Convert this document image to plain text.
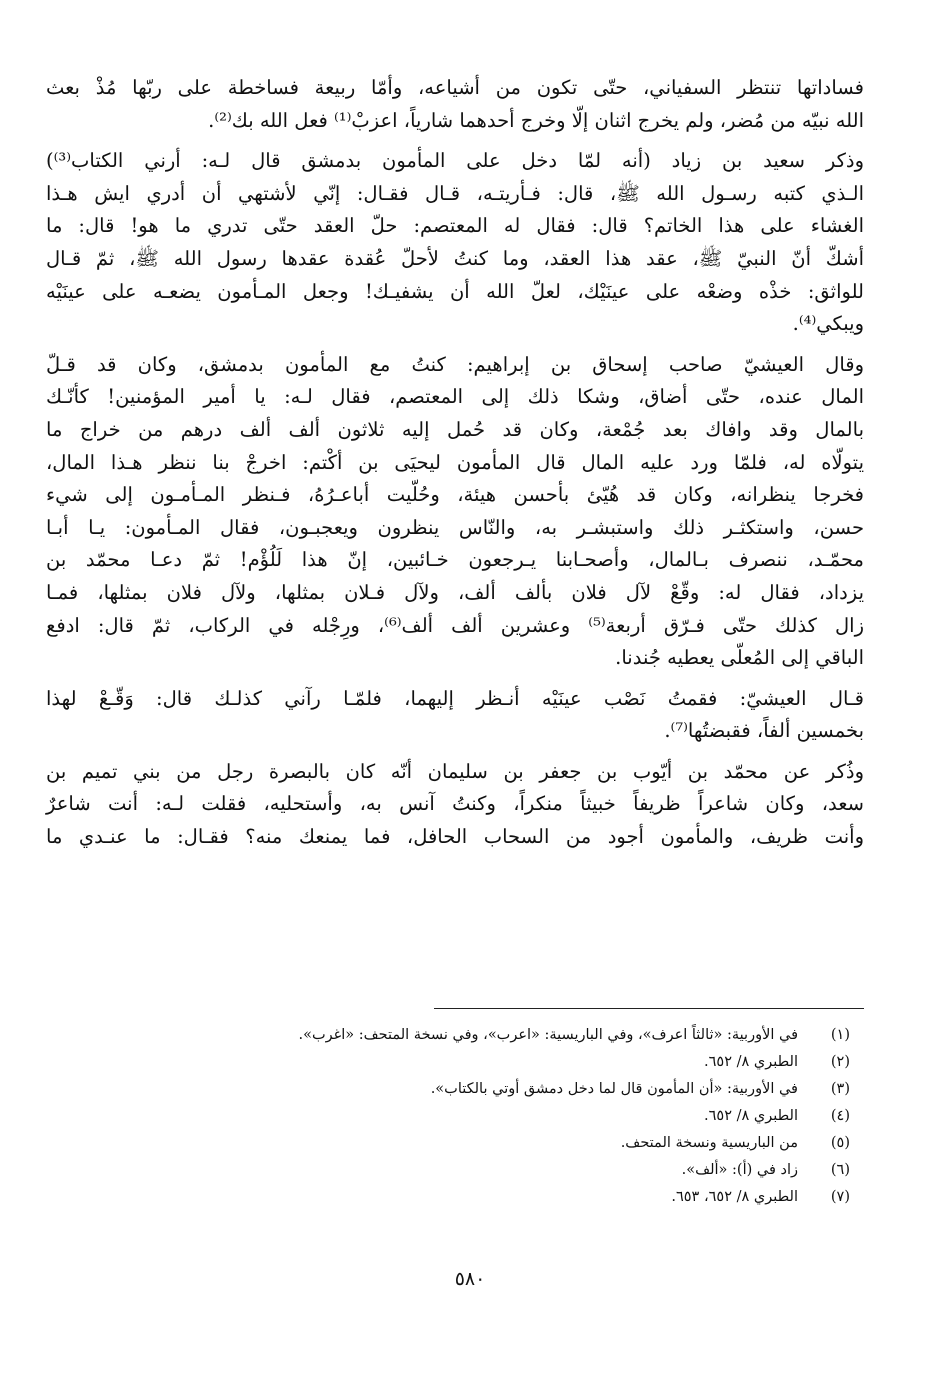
فساداتها تنتظر السفياني، حتّى تكون من أشياعه، وأمّا ربيعة فساخطة على ربّها مُذْ بعث
الله نبيّه من مُضر، ولم يخرج اثنان إلّا وخرج أحدهما شارياً، اعزبْ⁽¹⁾ فعل الله بك⁽²⁾.

وذكر سعيد بن زياد (أنه لمّا دخل على المأمون بدمشق قال لـه: أرني الكتاب⁽³⁾)
الـذي كتبه رسـول الله ﷺ، قال: فـأريتـه، قـال فقـال: إنّي لأشتهي أن أدري ايش هـذا
الغشاء على هذا الخاتم؟ قال: فقال له المعتصم: حلّ العقد حتّى تدري ما هو! قال: ما
أشكّ أنّ النبيّ ﷺ، عقد هذا العقد، وما كنتُ لأحلّ عُقدة عقدها رسول الله ﷺ، ثمّ قـال
للواثق: خذْه وضعْه على عينَيْك، لعلّ الله أن يشفيـك! وجعل المـأمون يضعـه على عينَيْه
ويبكي⁽⁴⁾.

وقال العيشيّ صاحب إسحاق بن إبراهيم: كنتُ مع المأمون بدمشق، وكان قد قـلّ
المال عنده، حتّى أضاق، وشكا ذلك إلى المعتصم، فقال لـه: يا أمير المؤمنين! كأنّـك
بالمال وقد وافاك بعد جُمْعة، وكان قد حُمل إليه ثلاثون ألف ألف درهم من خراج ما
يتولّاه له، فلمّا ورد عليه المال قال المأمون ليحيَى بن أكْتم: اخرجْ بنا ننظر هـذا المال،
فخرجا ينظرانه، وكان قد هُيّئ بأحسن هيئة، وحُلّيت أباعـرُهُ، فـنظر المـأمـون إلى شيء
حسن، واستكثـر ذلك واستبشـر به، والنّاس ينظرون ويعجبـون، فقال المـأمون: يـا أبـا
محمّـد، ننصرف بـالمال، وأصحـابنا يـرجعون خـائبين، إنّ هذا لَلُؤْم! ثمّ دعـا محمّد بن
يزداد، فقال له: وقّعْ لآل فلان بألف ألف، ولآل فـلان بمثلها، ولآل فلان بمثلها، فمـا
زال كذلك حتّى فـرّق أربعة⁽⁵⁾ وعشرين ألف ألف⁽⁶⁾، ورِجْله في الركاب، ثمّ قال: ادفع
الباقي إلى المُعلّى يعطيه جُندنا.

قـال العيشيّ: فقمتُ نَصْب عينَيْه أنـظر إليهما، فلمّـا رآني كذلـك قال: وَقّـعْ لهذا
بخمسين ألفاً، فقبضتُها⁽⁷⁾.

وذُكر عن محمّد بن أيّوب بن جعفر بن سليمان أنّه كان بالبصرة رجل من بني تميم بن
سعد، وكان شاعراً ظريفاً خبيثاً منكراً، وكنتُ آنس به، وأستحليه، فقلت لـه: أنت شاعرٌ
وأنت ظريف، والمأمون أجود من السحاب الحافل، فما يمنعك منه؟ فقـال: ما عنـدي ما

(١)
في الأوربية: «ثالثاً اعرف»، وفي الباريسية: «اعرب»، وفي نسخة المتحف: «اغرب».
(٢)
الطبري ٨/ ٦٥٢.
(٣)
في الأوربية: «أن المأمون قال لما دخل دمشق أوتي بالكتاب».
(٤)
الطبري ٨/ ٦٥٢.
(٥)
من الباريسية ونسخة المتحف.
(٦)
زاد في (أ): «ألف».
(٧)
الطبري ٨/ ٦٥٢، ٦٥٣.
٥٨٠
